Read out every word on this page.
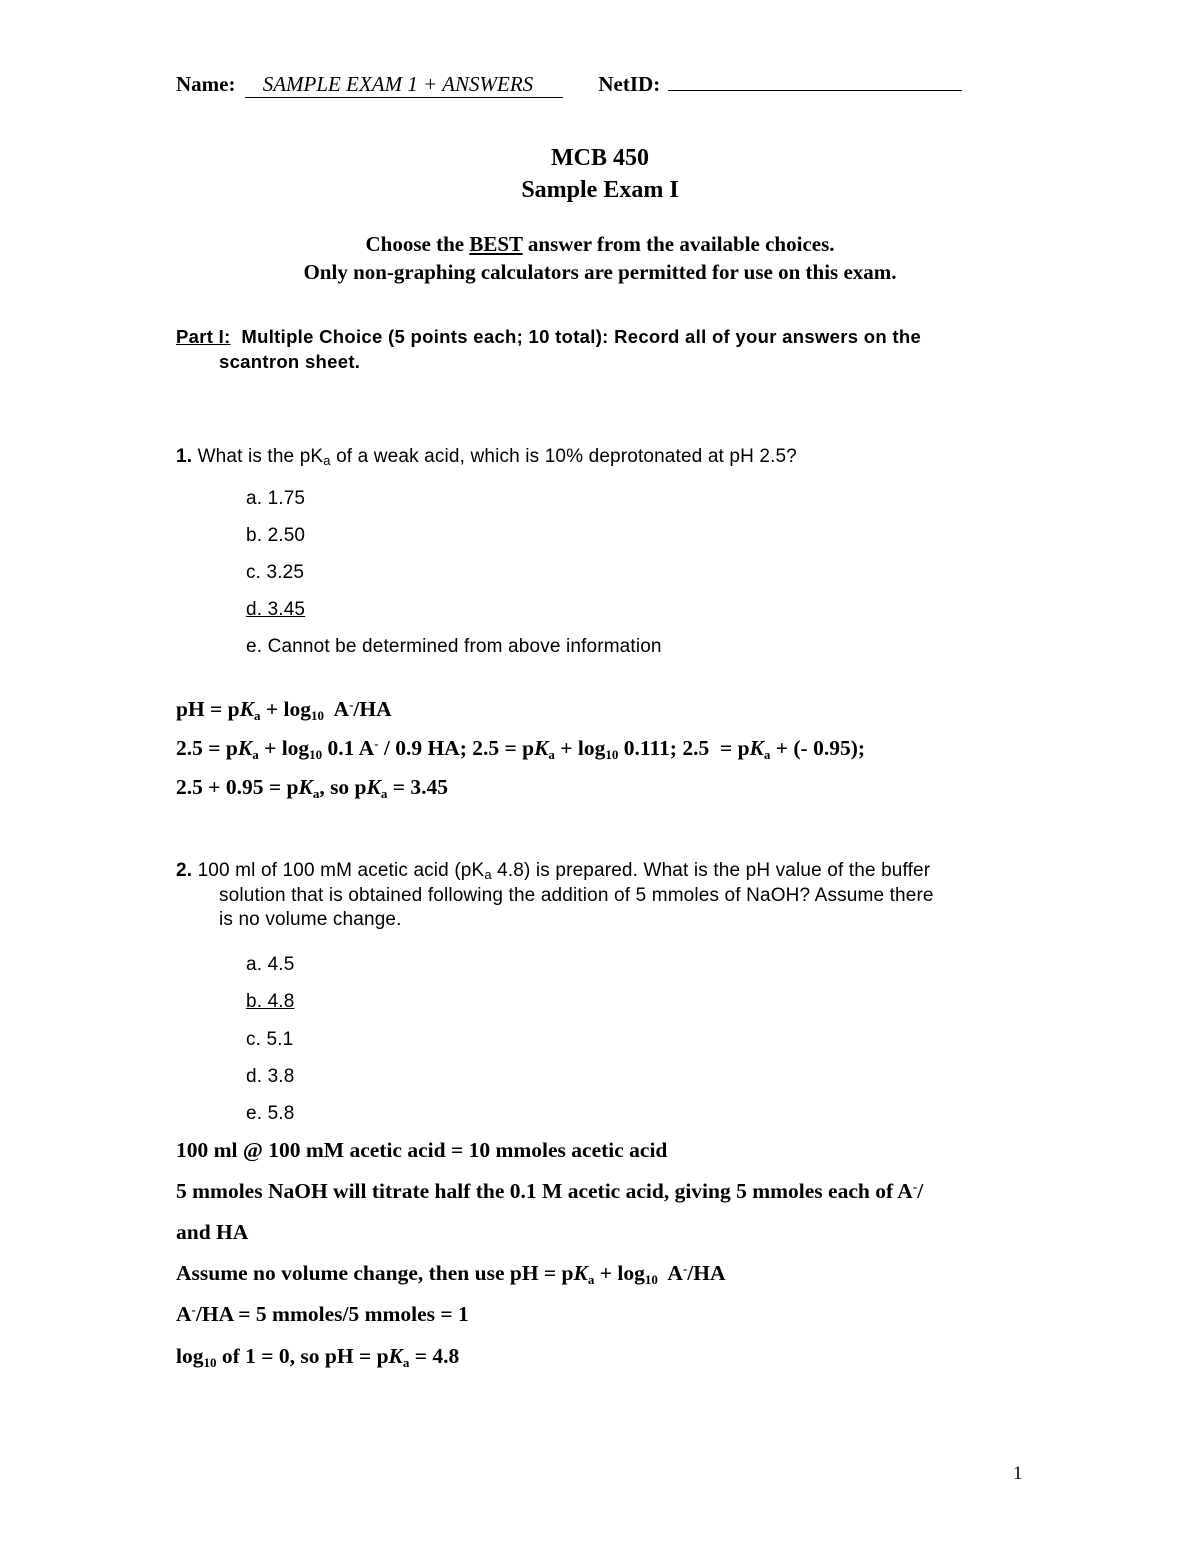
Name: SAMPLE EXAM 1 + ANSWERS	NetID:
MCB 450
Sample Exam I
Choose the BEST answer from the available choices.
Only non-graphing calculators are permitted for use on this exam.
Part I:  Multiple Choice (5 points each; 10 total): Record all of your answers on the
scantron sheet.
1. What is the pKa of a weak acid, which is 10% deprotonated at pH 2.5?
a. 1.75
b. 2.50
c. 3.25
d. 3.45
e. Cannot be determined from above information
pH = $pK_a + \log_{10} A^-/HA$
$2.5 = pK_a + \log_{10} 0.1$ A- / 0.9 HA; $2.5 = pK_a + \log_{10} 0.111$; $2.5 = pK_a$ + (- 0.95);
$2.5 + 0.95 = pK_a$, so $pK_a = 3.45$
2. 100 ml of 100 mM acetic acid (pKa 4.8) is prepared. What is the pH value of the buffer
solution that is obtained following the addition of 5 mmoles of NaOH? Assume there
is no volume change.
a. 4.5
b. 4.8
c. 5.1
d. 3.8
e. 5.8
100 ml @ 100 mM acetic acid = 10 mmoles acetic acid
5 mmoles NaOH will titrate half the 0.1 M acetic acid, giving 5 mmoles each of A-/
and HA
Assume no volume change, then use pH = $pK_a + \log_{10} A^-/HA$
A-/HA = 5 mmoles/5 mmoles = 1
$\log_{10}$ of 1 = 0, so pH = $pK_a = 4.8$
1
